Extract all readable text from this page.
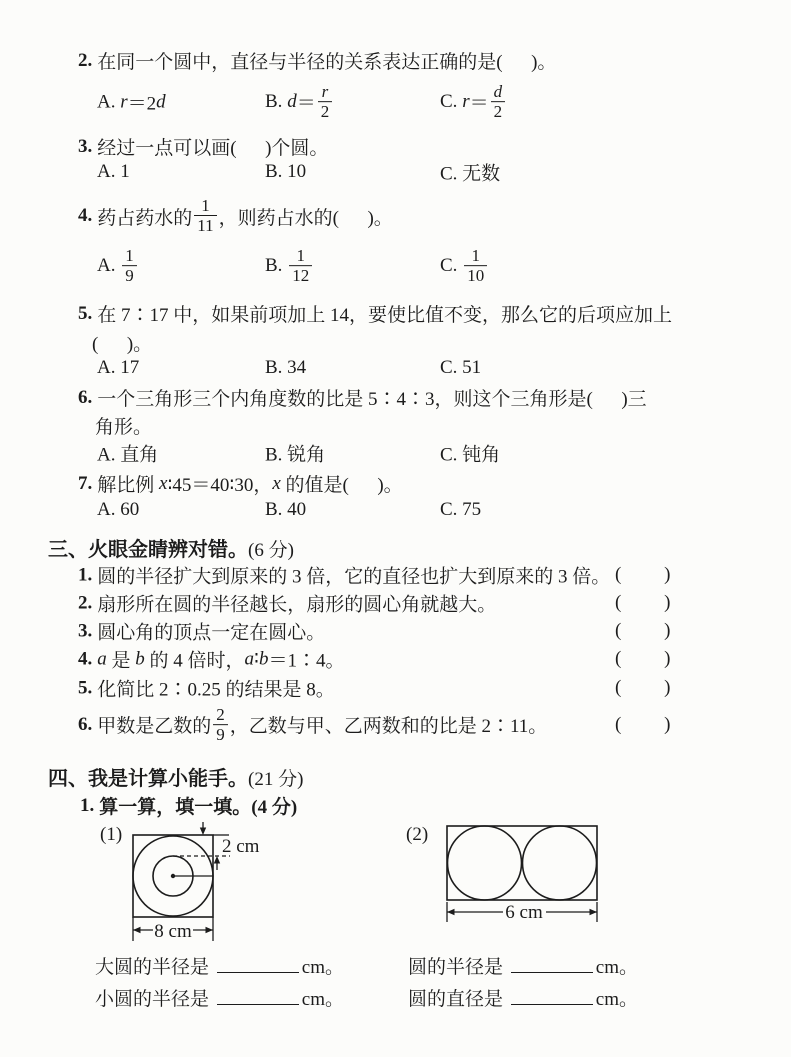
2. 在同一个圆中，直径与半径的关系表达正确的是(      )。
A. r ＝2 d	B. $d = \frac{r}{2}$	C. $r = \frac{d}{2}$
3. 经过一点可以画(      )个圆。
A. 1	B. 10	C. 无数
4. 药占药水的 $\frac{1}{11}$ ，则药占水的(      )。
A. $\frac{1}{9}$	B. $\frac{1}{12}$	C. $\frac{1}{10}$
5. 在 7∶17 中，如果前项加上 14，要使比值不变，那么它的后项应加上
(      )。
A. 17	B. 34	C. 51
6. 一个三角形三个内角度数的比是 5∶4∶3，则这个三角形是(      )三
角形。
A. 直角	B. 锐角	C. 钝角
7. 解比例 x ∶45＝40∶30， x 的值是(      )。
A. 60	B. 40	C. 75
三、火眼金睛辨对错。 (6 分)
1. 圆的半径扩大到原来的 3 倍，它的直径也扩大到原来的 3 倍。 (         )
2. 扇形所在圆的半径越长，扇形的圆心角就越大。	(         )
3. 圆心角的顶点一定在圆心。	(         )
4. a 是 b 的 4 倍时， a ∶ b ＝1∶4。	(         )
5. 化简比 2∶0.25 的结果是 8。	(         )
6. 甲数是乙数的 $\frac{2}{9}$ ，乙数与甲、乙两数和的比是 2∶11。	(         )
四、我是计算小能手。 (21 分)
1. 算一算，填一填。 (4 分)
(1)
2 cm
8 cm
(2)
6 cm
大圆的半径是	cm。	圆的半径是	cm。
小圆的半径是	cm。	圆的直径是	cm。
